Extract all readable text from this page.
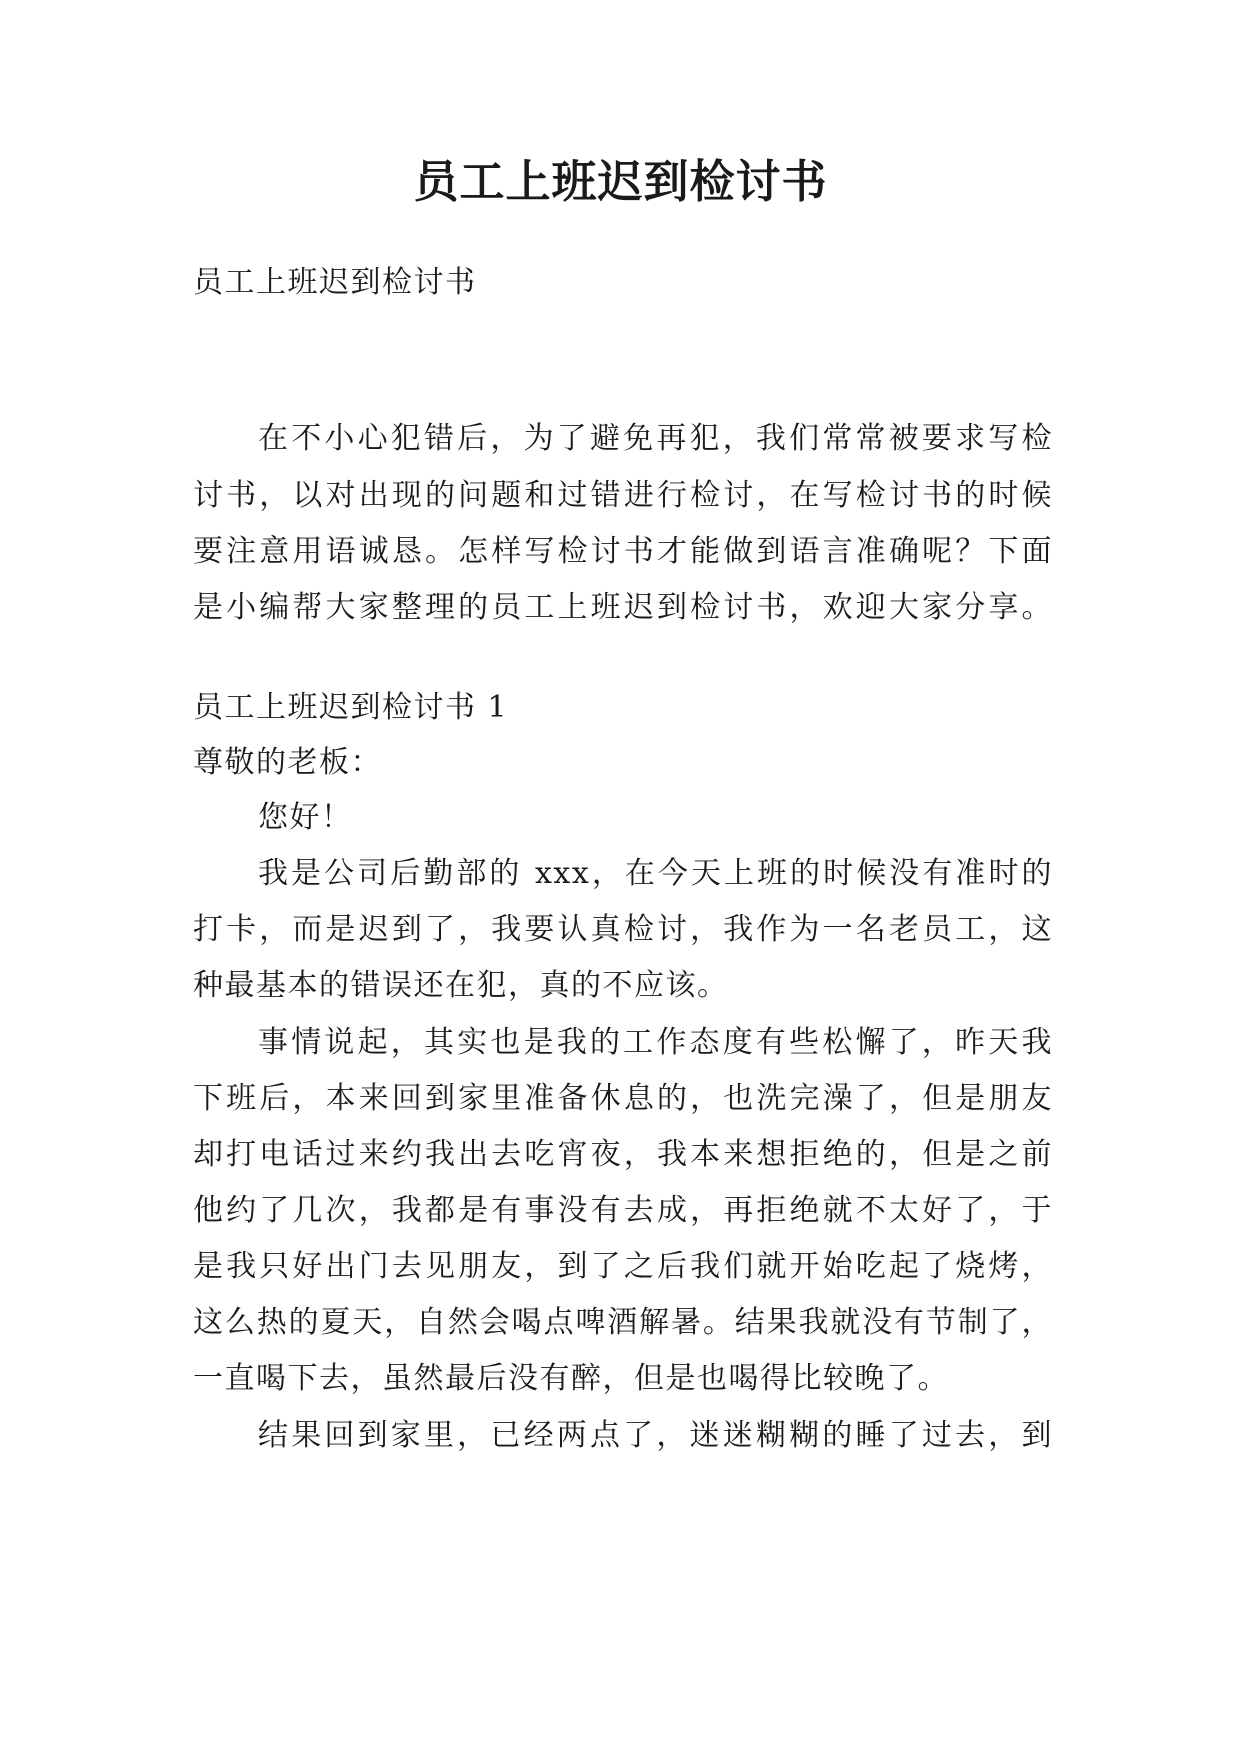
员工上班迟到检讨书
员工上班迟到检讨书
在不小心犯错后，为了避免再犯，我们常常被要求写检
讨书，以对出现的问题和过错进行检讨，在写检讨书的时候
要注意用语诚恳。怎样写检讨书才能做到语言准确呢？下面
是小编帮大家整理的员工上班迟到检讨书，欢迎大家分享。
员工上班迟到检讨书 1
尊敬的老板：
您好！
我是公司后勤部的 xxx，在今天上班的时候没有准时的
打卡，而是迟到了，我要认真检讨，我作为一名老员工，这
种最基本的错误还在犯，真的不应该。
事情说起，其实也是我的工作态度有些松懈了，昨天我
下班后，本来回到家里准备休息的，也洗完澡了，但是朋友
却打电话过来约我出去吃宵夜，我本来想拒绝的，但是之前
他约了几次，我都是有事没有去成，再拒绝就不太好了，于
是我只好出门去见朋友，到了之后我们就开始吃起了烧烤，
这么热的夏天，自然会喝点啤酒解暑。结果我就没有节制了，
一直喝下去，虽然最后没有醉，但是也喝得比较晚了。
结果回到家里，已经两点了，迷迷糊糊的睡了过去，到
